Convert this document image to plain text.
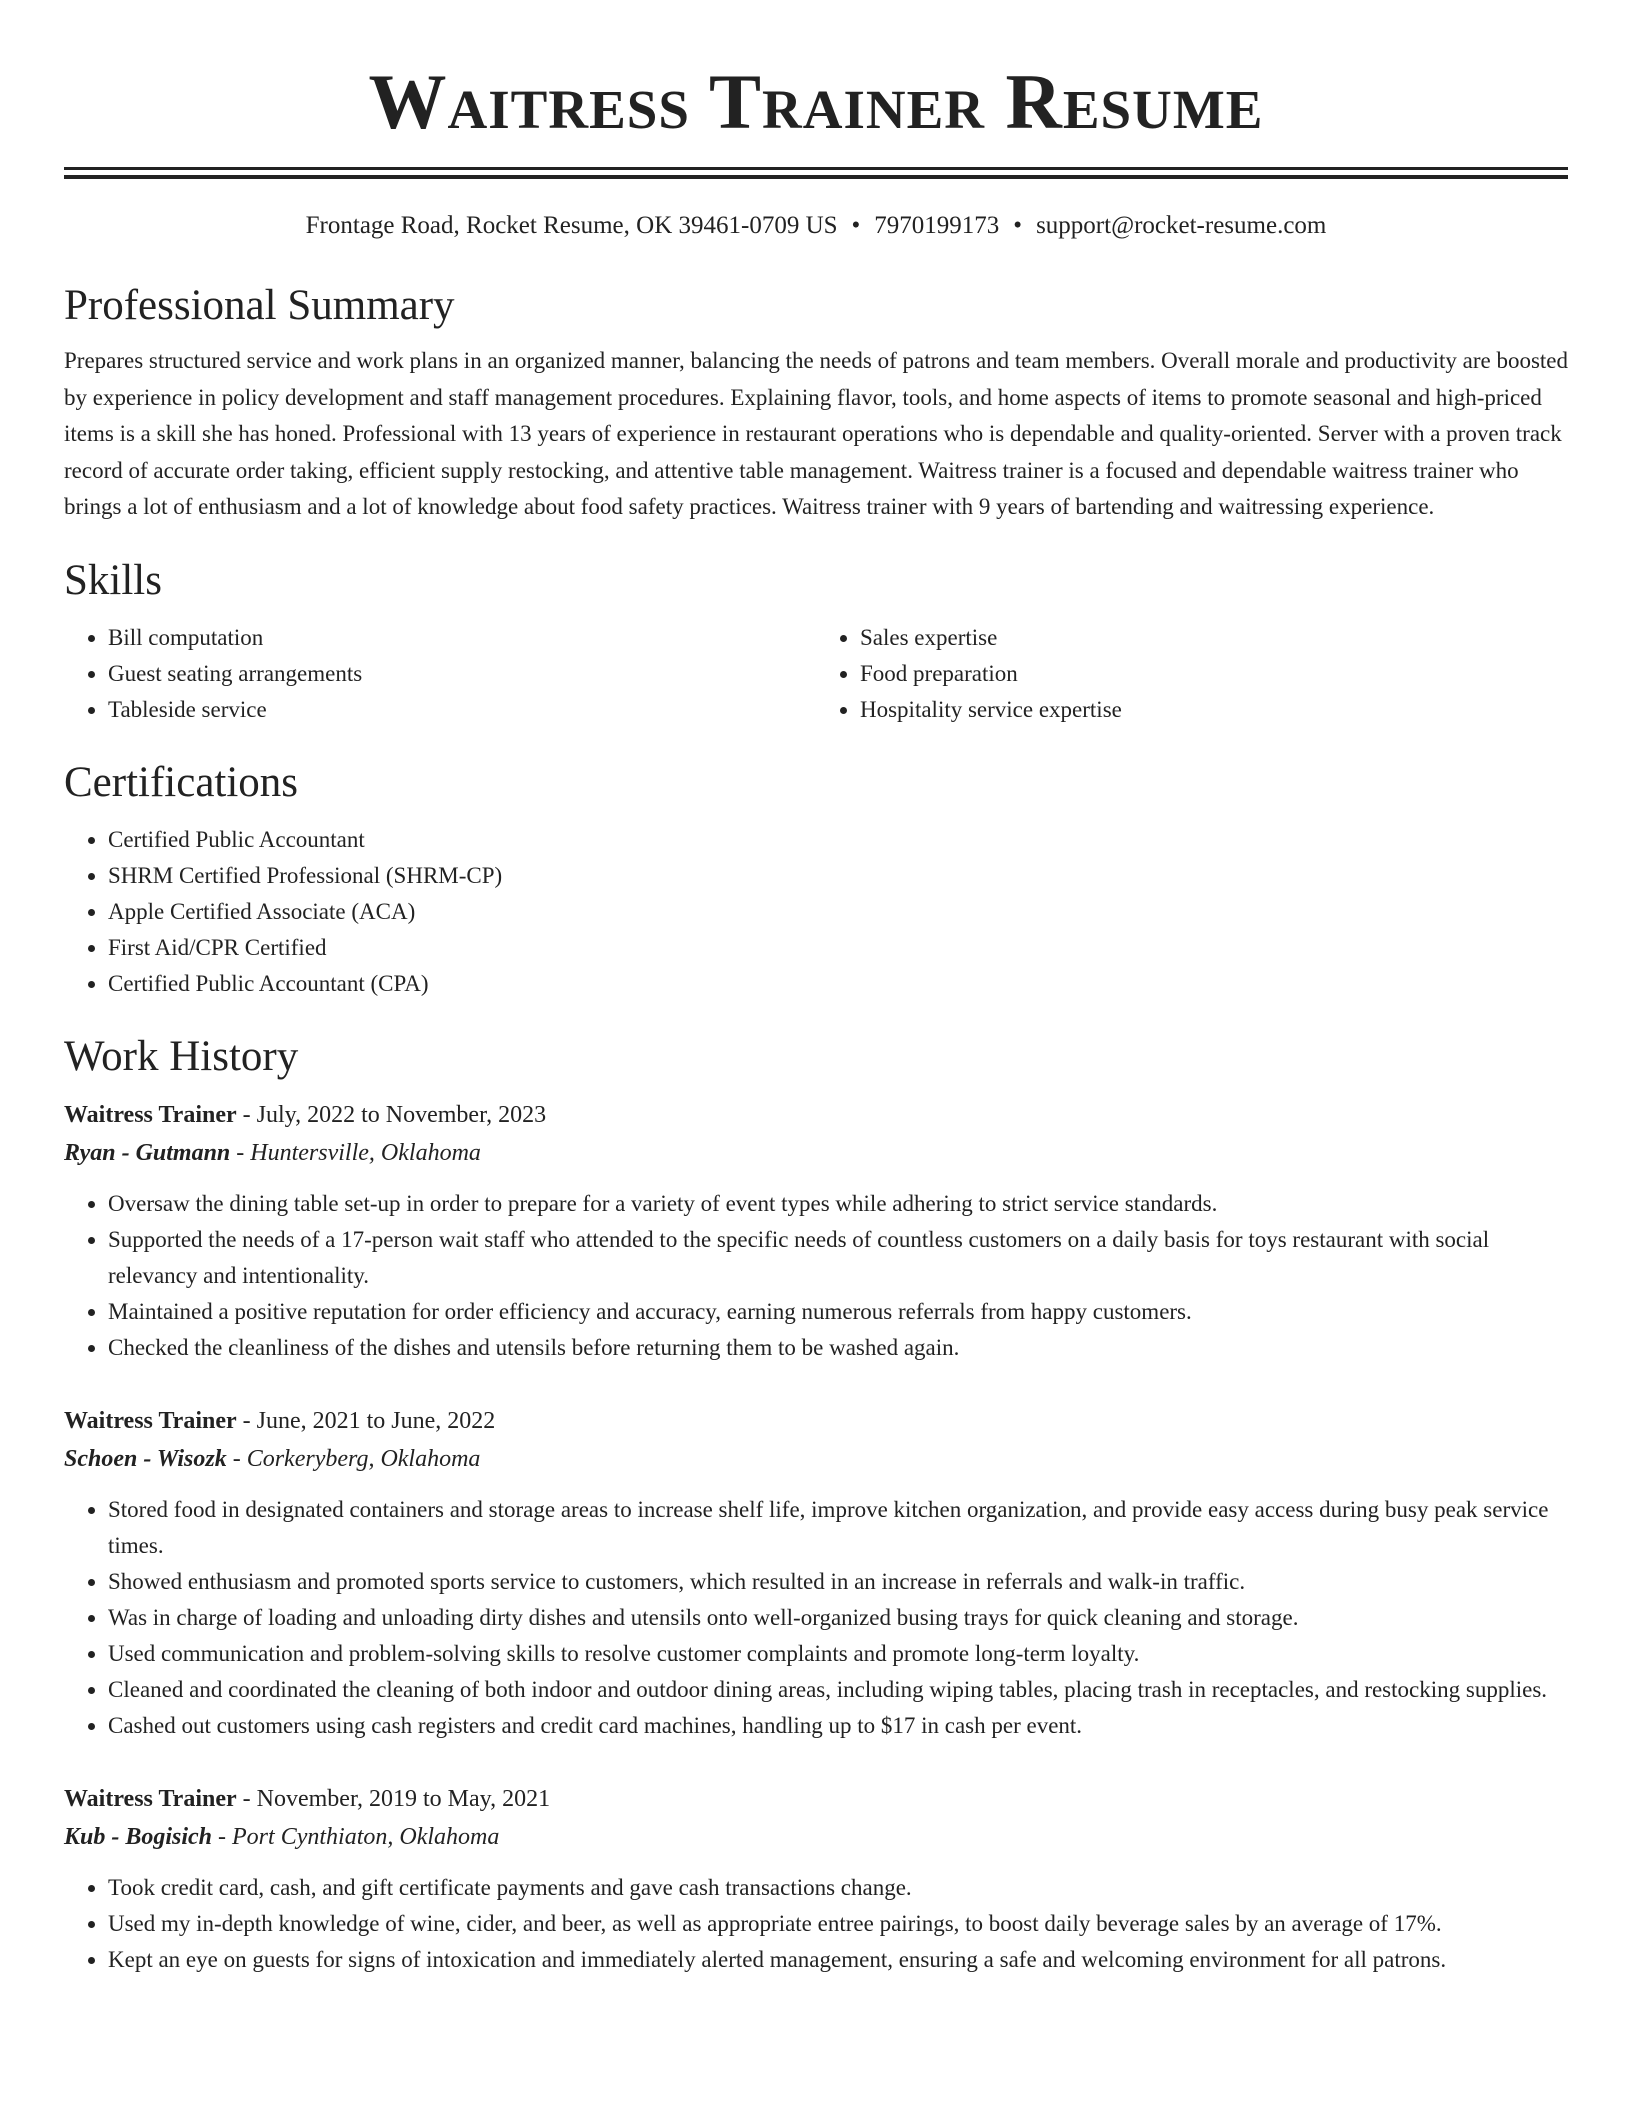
Waitress Trainer Resume
Frontage Road, Rocket Resume, OK 39461-0709 US • 7970199173 • support@rocket-resume.com
Professional Summary

Prepares structured service and work plans in an organized manner, balancing the needs of patrons and team members. Overall morale and productivity are boosted by experience in policy development and staff management procedures. Explaining flavor, tools, and home aspects of items to promote seasonal and high-priced items is a skill she has honed. Professional with 13 years of experience in restaurant operations who is dependable and quality-oriented. Server with a proven track record of accurate order taking, efficient supply restocking, and attentive table management. Waitress trainer is a focused and dependable waitress trainer who brings a lot of enthusiasm and a lot of knowledge about food safety practices. Waitress trainer with 9 years of bartending and waitressing experience.

Skills
• Bill computation
• Guest seating arrangements
• Tableside service
• Sales expertise
• Food preparation
• Hospitality service expertise
Certifications
• Certified Public Accountant
• SHRM Certified Professional (SHRM-CP)
• Apple Certified Associate (ACA)
• First Aid/CPR Certified
• Certified Public Accountant (CPA)
Work History
Waitress Trainer - July, 2022 to November, 2023
Ryan - Gutmann - Huntersville, Oklahoma
• Oversaw the dining table set-up in order to prepare for a variety of event types while adhering to strict service standards.
• Supported the needs of a 17-person wait staff who attended to the specific needs of countless customers on a daily basis for toys restaurant with social relevancy and intentionality.
• Maintained a positive reputation for order efficiency and accuracy, earning numerous referrals from happy customers.
• Checked the cleanliness of the dishes and utensils before returning them to be washed again.
Waitress Trainer - June, 2021 to June, 2022
Schoen - Wisozk - Corkeryberg, Oklahoma
• Stored food in designated containers and storage areas to increase shelf life, improve kitchen organization, and provide easy access during busy peak service times.
• Showed enthusiasm and promoted sports service to customers, which resulted in an increase in referrals and walk-in traffic.
• Was in charge of loading and unloading dirty dishes and utensils onto well-organized busing trays for quick cleaning and storage.
• Used communication and problem-solving skills to resolve customer complaints and promote long-term loyalty.
• Cleaned and coordinated the cleaning of both indoor and outdoor dining areas, including wiping tables, placing trash in receptacles, and restocking supplies.
• Cashed out customers using cash registers and credit card machines, handling up to $17 in cash per event.
Waitress Trainer - November, 2019 to May, 2021
Kub - Bogisich - Port Cynthiaton, Oklahoma
• Took credit card, cash, and gift certificate payments and gave cash transactions change.
• Used my in-depth knowledge of wine, cider, and beer, as well as appropriate entree pairings, to boost daily beverage sales by an average of 17%.
• Kept an eye on guests for signs of intoxication and immediately alerted management, ensuring a safe and welcoming environment for all patrons.
